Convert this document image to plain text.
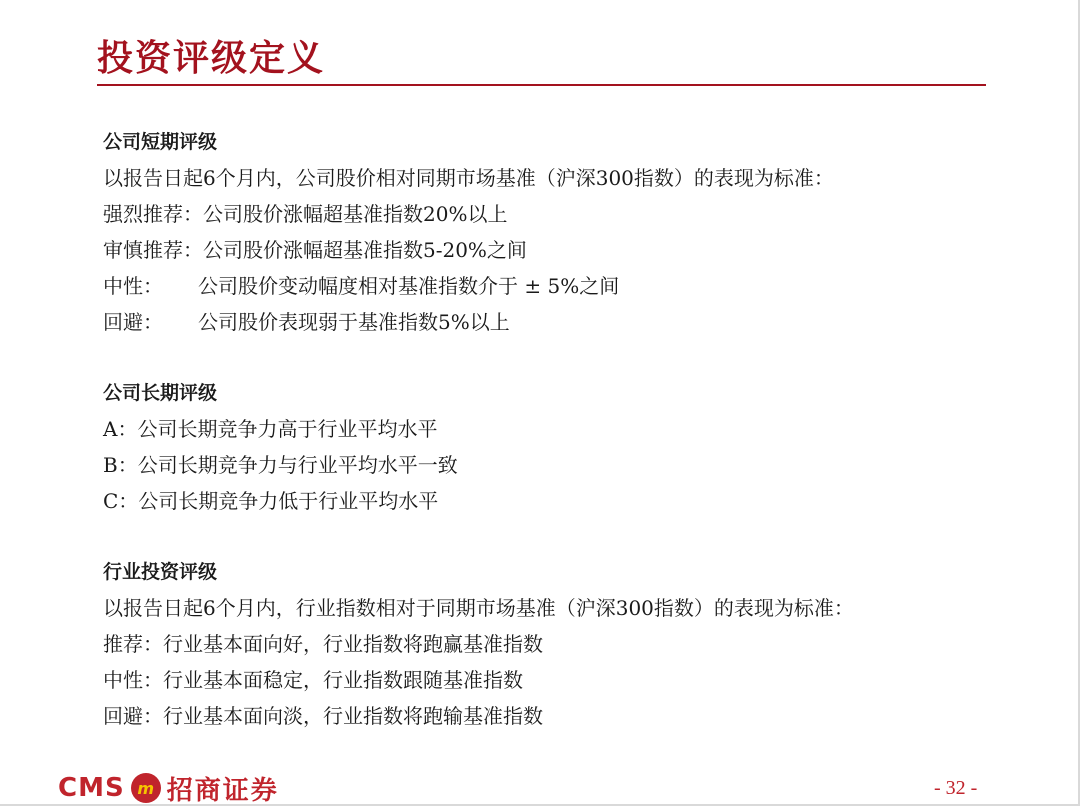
投资评级定义
公司短期评级
以报告日起6个月内，公司股价相对同期市场基准（沪深300指数）的表现为标准：
强烈推荐：公司股价涨幅超基准指数20%以上
审慎推荐：公司股价涨幅超基准指数5-20%之间
中性： 公司股价变动幅度相对基准指数介于 ± 5%之间
回避： 公司股价表现弱于基准指数5%以上
公司长期评级
A：公司长期竞争力高于行业平均水平
B：公司长期竞争力与行业平均水平一致
C：公司长期竞争力低于行业平均水平
行业投资评级
以报告日起6个月内，行业指数相对于同期市场基准（沪深300指数）的表现为标准：
推荐：行业基本面向好，行业指数将跑赢基准指数
中性：行业基本面稳定，行业指数跟随基准指数
回避：行业基本面向淡，行业指数将跑输基准指数
CMS m 招商证券	- 32 -
